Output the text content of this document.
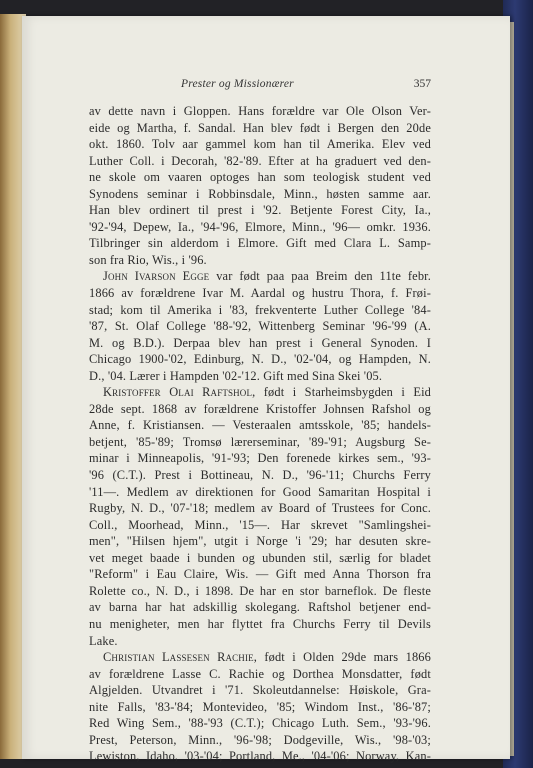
Prester og Missionærer	357
av dette navn i Gloppen. Hans forældre var Ole Olson Ver-
eide og Martha, f. Sandal. Han blev født i Bergen den 20de
okt. 1860. Tolv aar gammel kom han til Amerika. Elev ved
Luther Coll. i Decorah, '82-'89. Efter at ha graduert ved den-
ne skole om vaaren optoges han som teologisk student ved
Synodens seminar i Robbinsdale, Minn., høsten samme aar.
Han blev ordinert til prest i '92. Betjente Forest City, Ia.,
'92-'94, Depew, Ia., '94-'96, Elmore, Minn., '96— omkr. 1936.
Tilbringer sin alderdom i Elmore. Gift med Clara L. Samp-
son fra Rio, Wis., i '96.
John Ivarson Egge var født paa paa Breim den 11te febr.
1866 av forældrene Ivar M. Aardal og hustru Thora, f. Frøi-
stad; kom til Amerika i '83, frekventerte Luther College '84-
'87, St. Olaf College '88-'92, Wittenberg Seminar '96-'99 (A.
M. og B.D.). Derpaa blev han prest i General Synoden. I
Chicago 1900-'02, Edinburg, N. D., '02-'04, og Hampden, N.
D., '04. Lærer i Hampden '02-'12. Gift med Sina Skei '05.
Kristoffer Olai Raftshol, født i Starheimsbygden i Eid
28de sept. 1868 av forældrene Kristoffer Johnsen Rafshol og
Anne, f. Kristiansen. — Vesteraalen amtsskole, '85; handels-
betjent, '85-'89; Tromsø lærerseminar, '89-'91; Augsburg Se-
minar i Minneapolis, '91-'93; Den forenede kirkes sem., '93-
'96 (C.T.). Prest i Bottineau, N. D., '96-'11; Churchs Ferry
'11—. Medlem av direktionen for Good Samaritan Hospital i
Rugby, N. D., '07-'18; medlem av Board of Trustees for Conc.
Coll., Moorhead, Minn., '15—. Har skrevet "Samlingshei-
men", "Hilsen hjem", utgit i Norge 'i '29; har desuten skre-
vet meget baade i bunden og ubunden stil, særlig for bladet
"Reform" i Eau Claire, Wis. — Gift med Anna Thorson fra
Rolette co., N. D., i 1898. De har en stor barneflok. De fleste
av barna har hat adskillig skolegang. Raftshol betjener end-
nu menigheter, men har flyttet fra Churchs Ferry til Devils
Lake.
Christian Lassesen Rachie, født i Olden 29de mars 1866
av forældrene Lasse C. Rachie og Dorthea Monsdatter, født
Algjelden. Utvandret i '71. Skoleutdannelse: Høiskole, Gra-
nite Falls, '83-'84; Montevideo, '85; Windom Inst., '86-'87;
Red Wing Sem., '88-'93 (C.T.); Chicago Luth. Sem., '93-'96.
Prest, Peterson, Minn., '96-'98; Dodgeville, Wis., '98-'03;
Lewiston, Idaho, '03-'04; Portland, Me., '04-'06; Norway, Kan-
